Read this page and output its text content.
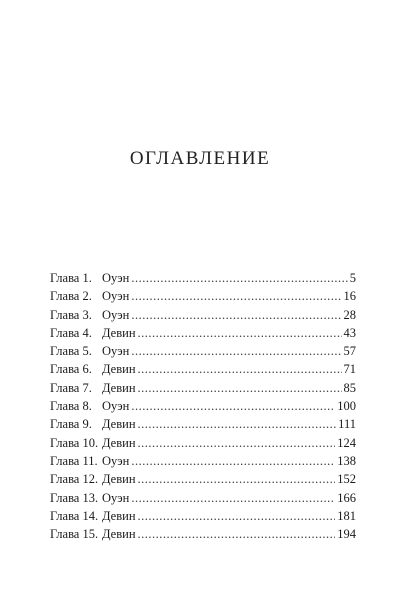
ОГЛАВЛЕНИЕ
Глава 1. Оуэн .....	5
Глава 2. Оуэн .....	16
Глава 3. Оуэн .....	28
Глава 4. Девин .....	43
Глава 5. Оуэн .....	57
Глава 6. Девин .....	71
Глава 7. Девин .....	85
Глава 8. Оуэн .....	100
Глава 9. Девин .....	111
Глава 10. Девин .....	124
Глава 11. Оуэн .....	138
Глава 12. Девин .....	152
Глава 13. Оуэн .....	166
Глава 14. Девин .....	181
Глава 15. Девин .....	194
